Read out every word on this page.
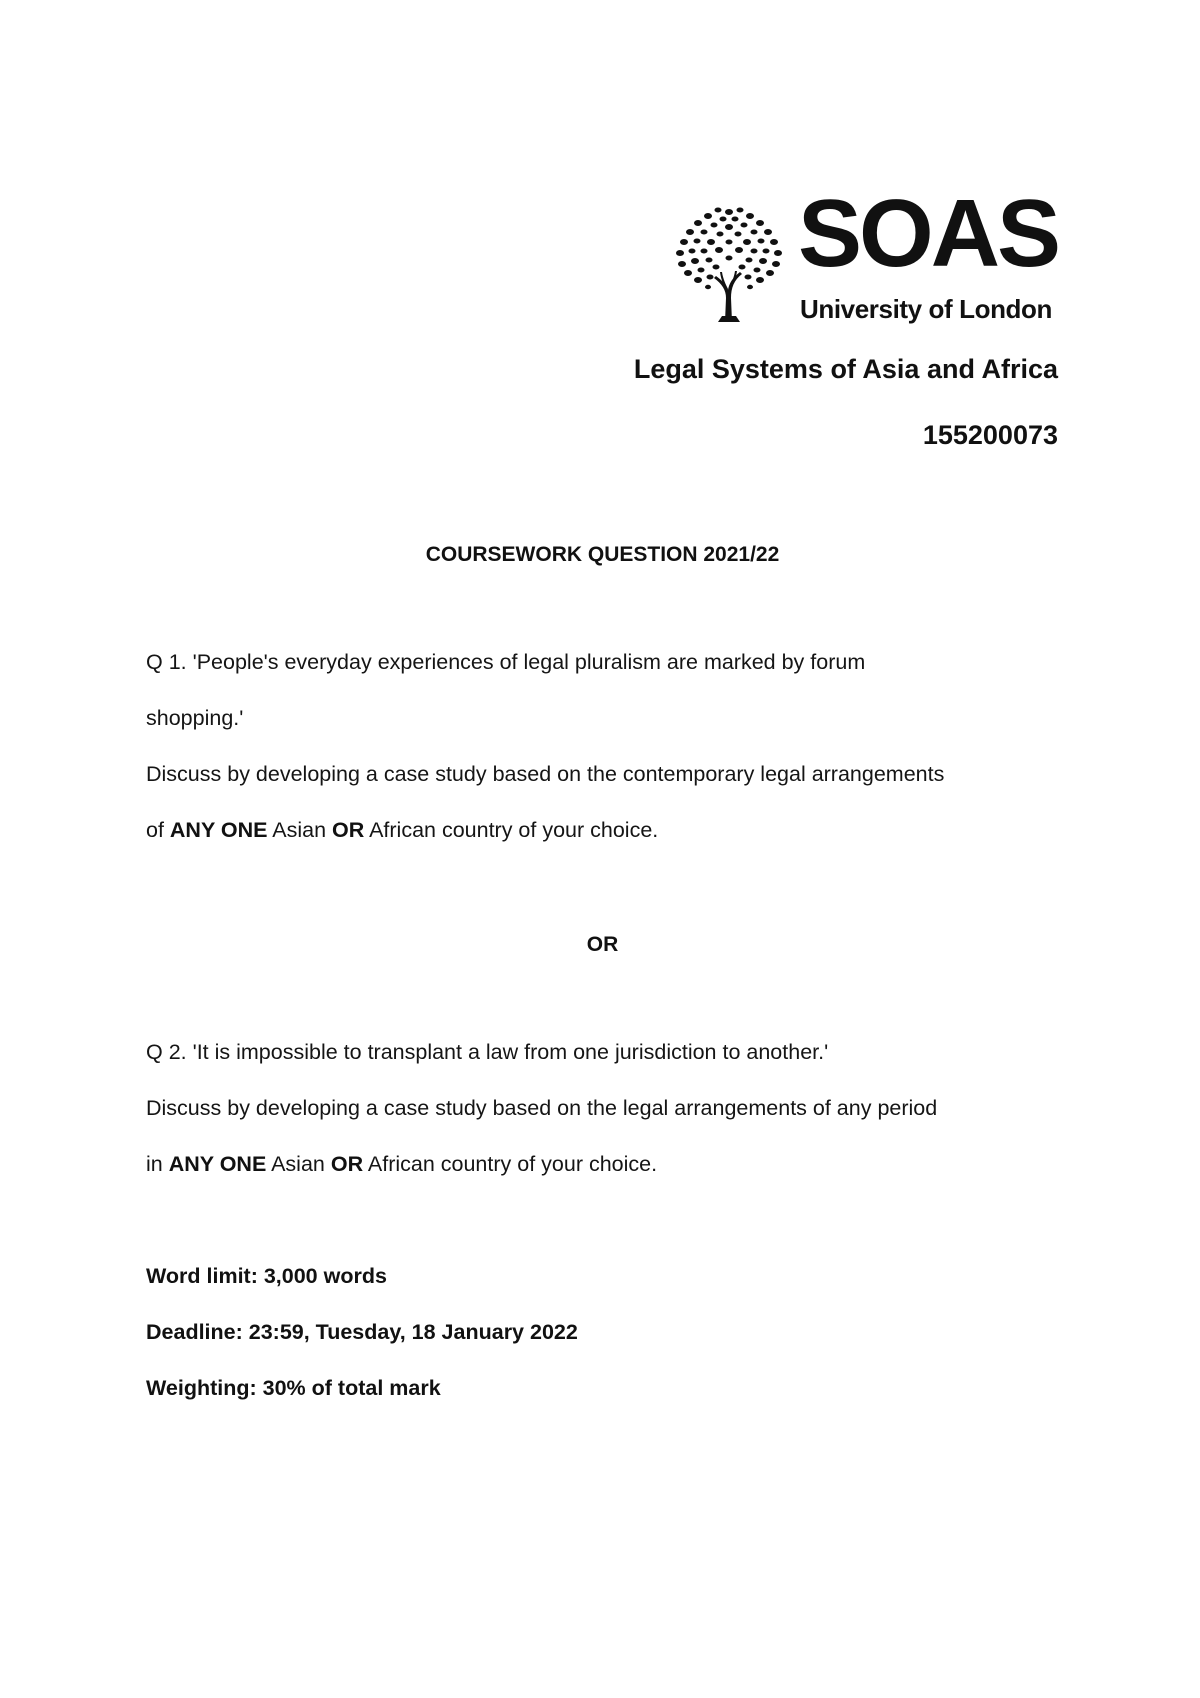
SOAS
University of London
Legal Systems of Asia and Africa
155200073
COURSEWORK QUESTION 2021/22
Q 1. 'People's everyday experiences of legal pluralism are marked by forum
shopping.'
Discuss by developing a case study based on the contemporary legal arrangements
of ANY ONE Asian OR African country of your choice.
OR
Q 2. 'It is impossible to transplant a law from one jurisdiction to another.'
Discuss by developing a case study based on the legal arrangements of any period
in ANY ONE Asian OR African country of your choice.
Word limit: 3,000 words
Deadline: 23:59, Tuesday, 18 January 2022
Weighting: 30% of total mark
